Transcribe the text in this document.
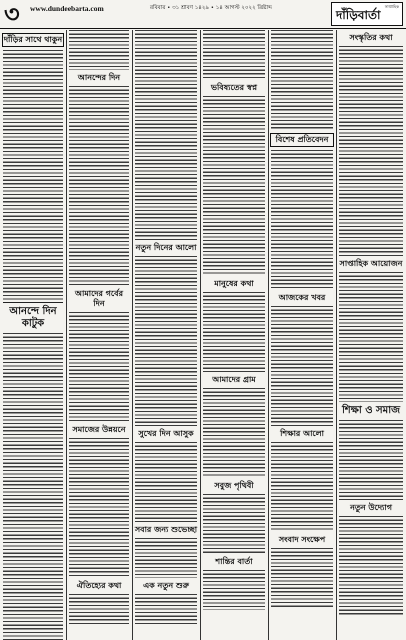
৩	www.dundeebarta.com	রবিবার • ৩১ শ্রাবণ ১৪২৯ • ১৪ আগস্ট ২০২২ খ্রিষ্টাব্দ	সাপ্তাহিক
দাঁড়িবার্তা
দাঁড়ির সাথে থাকুন
আনন্দে দিন কাটুক
আনন্দের দিন
আমাদের গর্বের দিন
সমাজের উন্নয়নে
ঐতিহ্যের কথা
নতুন দিনের আলো
সুখের দিন আসুক
সবার জন্য শুভেচ্ছা
এক নতুন শুরু
ভবিষ্যতের স্বপ্ন
মানুষের কথা
আমাদের গ্রাম
সবুজ পৃথিবী
শান্তির বার্তা
বিশেষ প্রতিবেদন
আজকের খবর
শিক্ষার আলো
সংবাদ সংক্ষেপ
সংস্কৃতির কথা
সাপ্তাহিক আয়োজন
শিক্ষা ও সমাজ
নতুন উদ্যোগ
